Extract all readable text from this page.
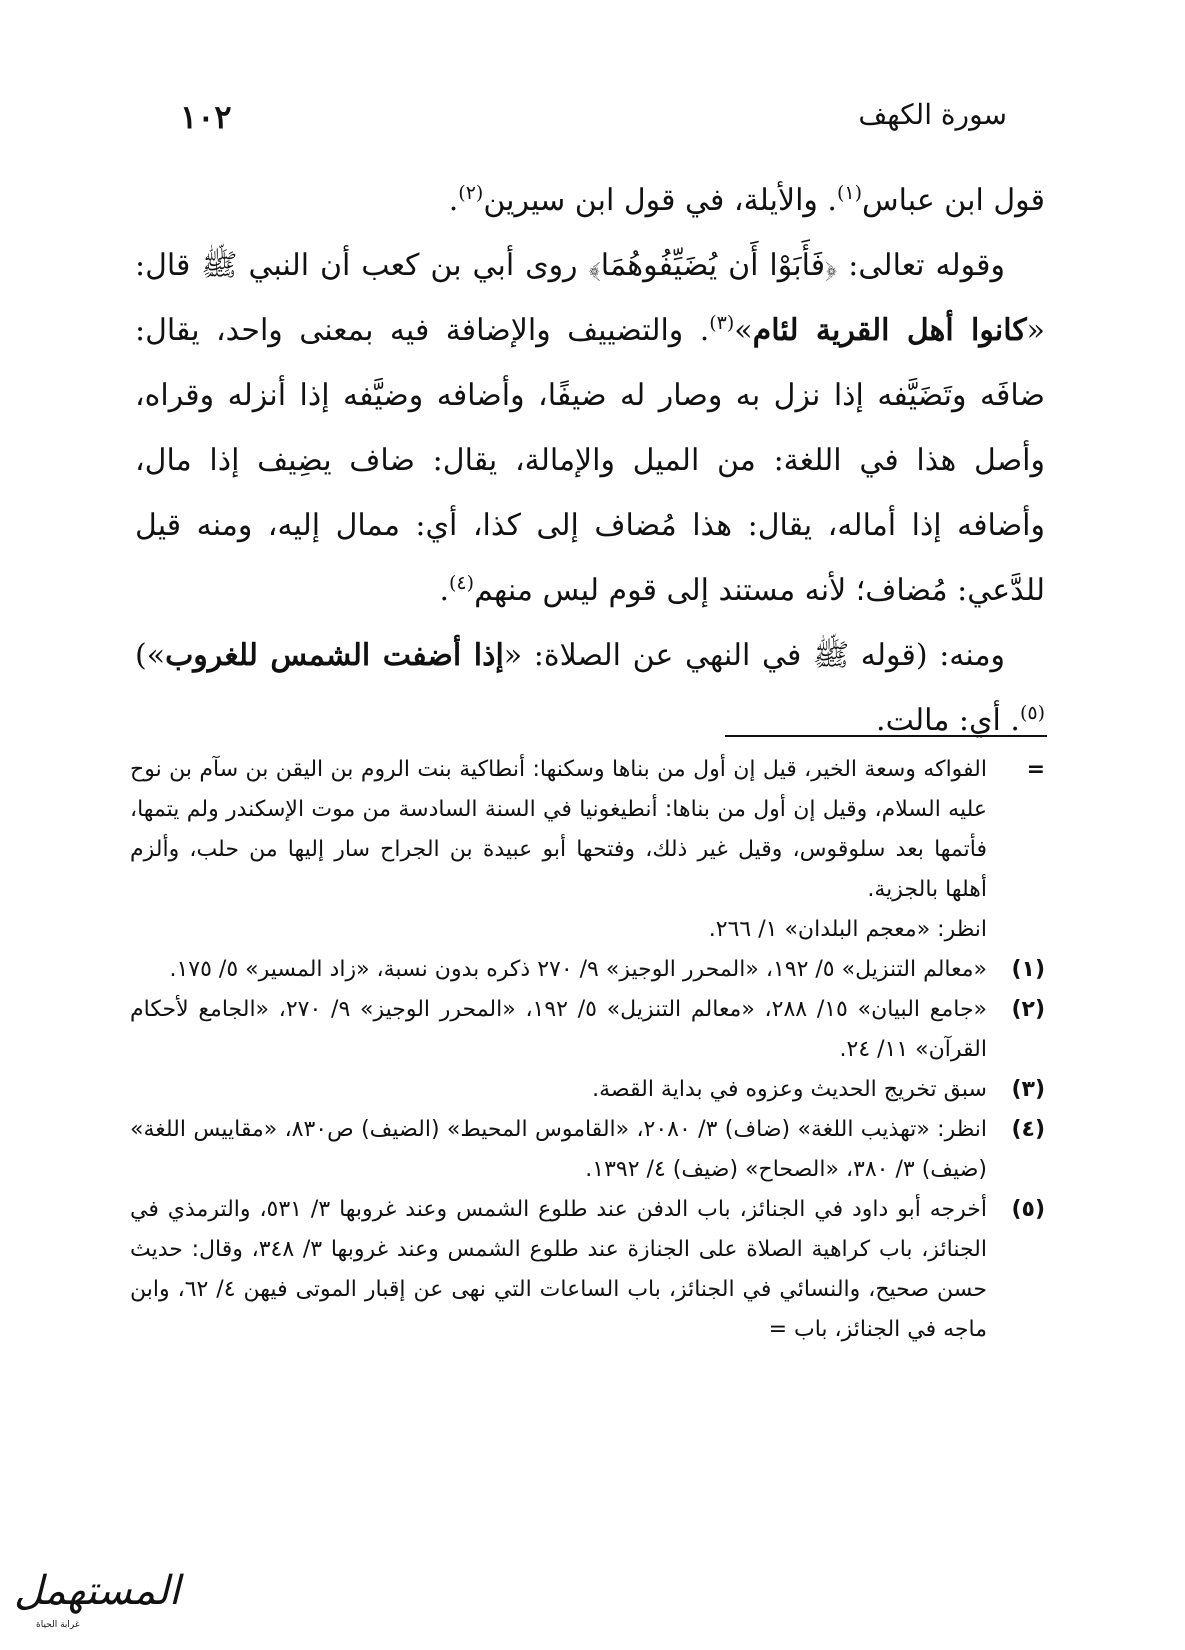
سورة الكهف
١٠٢

قول ابن عباس$^{(١)}$. والأيلة، في قول ابن سيرين$^{(٢)}$.

وقوله تعالى: ﴿فَأَبَوْا أَن يُضَيِّفُوهُمَا﴾ روى أبي بن كعب أن النبي ﷺ قال: «كانوا أهل القرية لئام»$^{(٣)}$. والتضييف والإضافة فيه بمعنى واحد، يقال: ضافَه وتَضَيَّفه إذا نزل به وصار له ضيفًا، وأضافه وضيَّفه إذا أنزله وقراه، وأصل هذا في اللغة: من الميل والإمالة، يقال: ضاف يضِيف إذا مال، وأضافه إذا أماله، يقال: هذا مُضاف إلى كذا، أي: ممال إليه، ومنه قيل للدَّعي: مُضاف؛ لأنه مستند إلى قوم ليس منهم$^{(٤)}$.

ومنه: (قوله ﷺ في النهي عن الصلاة: «إذا أضفت الشمس للغروب»)$^{(٥)}$. أي: مالت.

=
الفواكه وسعة الخير، قيل إن أول من بناها وسكنها: أنطاكية بنت الروم بن اليقن بن سآم بن نوح عليه السلام، وقيل إن أول من بناها: أنطيغونيا في السنة السادسة من موت الإسكندر ولم يتمها، فأتمها بعد سلوقوس، وقيل غير ذلك، وفتحها أبو عبيدة بن الجراح سار إليها من حلب، وألزم أهلها بالجزية.
انظر: «معجم البلدان» ١/ ٢٦٦.
(١)
«معالم التنزيل» ٥/ ١٩٢، «المحرر الوجيز» ٩/ ٢٧٠ ذكره بدون نسبة، «زاد المسير» ٥/ ١٧٥.
(٢)
«جامع البيان» ١٥/ ٢٨٨، «معالم التنزيل» ٥/ ١٩٢، «المحرر الوجيز» ٩/ ٢٧٠، «الجامع لأحكام القرآن» ١١/ ٢٤.
(٣)
سبق تخريج الحديث وعزوه في بداية القصة.
(٤)
انظر: «تهذيب اللغة» (ضاف) ٣/ ٢٠٨٠، «القاموس المحيط» (الضيف) ص٨٣٠، «مقاييس اللغة» (ضيف) ٣/ ٣٨٠، «الصحاح» (ضيف) ٤/ ١٣٩٢.
(٥)
أخرجه أبو داود في الجنائز، باب الدفن عند طلوع الشمس وعند غروبها ٣/ ٥٣١، والترمذي في الجنائز، باب كراهية الصلاة على الجنازة عند طلوع الشمس وعند غروبها ٣/ ٣٤٨، وقال: حديث حسن صحيح، والنسائي في الجنائز، باب الساعات التي نهى عن إقبار الموتى فيهن ٤/ ٦٢، وابن ماجه في الجنائز، باب =
المستهمل
غرابة الحياة
